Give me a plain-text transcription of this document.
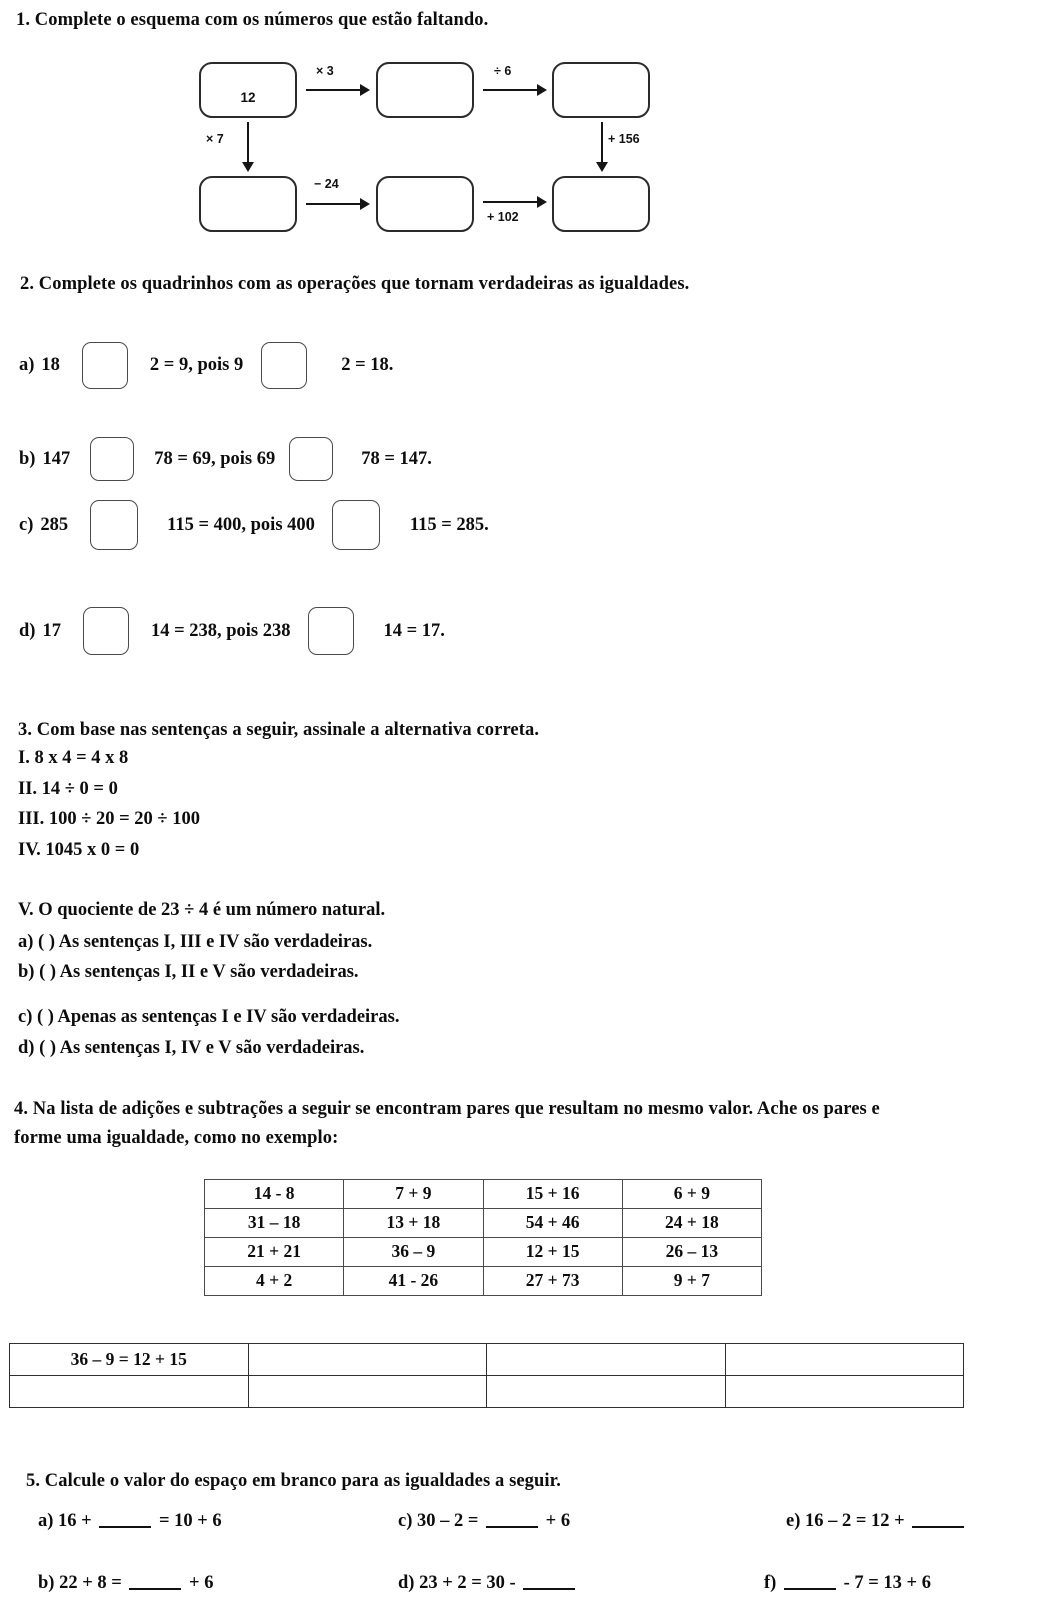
1. Complete o esquema com os números que estão faltando.
12
× 3	÷ 6
× 7	+ 156
− 24
+ 102
2. Complete os quadrinhos com as operações que tornam verdadeiras as igualdades.
a) 18	2 = 9, pois 9	2 = 18.
b) 147	78 = 69, pois 69	78 = 147.
c) 285	115 = 400, pois 400	115 = 285.
d) 17	14 = 238, pois 238	14 = 17.
3. Com base nas sentenças a seguir, assinale a alternativa correta.
I. 8 x 4 = 4 x 8
II. 14 ÷ 0 = 0
III. 100 ÷ 20 = 20 ÷ 100
IV. 1045 x 0 = 0
V. O quociente de 23 ÷ 4 é um número natural.
a) ( ) As sentenças I, III e IV são verdadeiras.
b) ( ) As sentenças I, II e V são verdadeiras.
c) ( ) Apenas as sentenças I e IV são verdadeiras.
d) ( ) As sentenças I, IV e V são verdadeiras.
4. Na lista de adições e subtrações a seguir se encontram pares que resultam no mesmo valor. Ache os pares e
forme uma igualdade, como no exemplo:
14 - 8	7 + 9	15 + 16	6 + 9
31 – 18	13 + 18	54 + 46	24 + 18
21 + 21	36 – 9	12 + 15	26 – 13
4 + 2	41 - 26	27 + 73	9 + 7
36 – 9 = 12 + 15			

5. Calcule o valor do espaço em branco para as igualdades a seguir.
a) 16 +	= 10 + 6	c) 30 – 2 =	+ 6	e) 16 – 2 = 12 +
b) 22 + 8 =	+ 6	d) 23 + 2 = 30 -	f)	- 7 = 13 + 6
